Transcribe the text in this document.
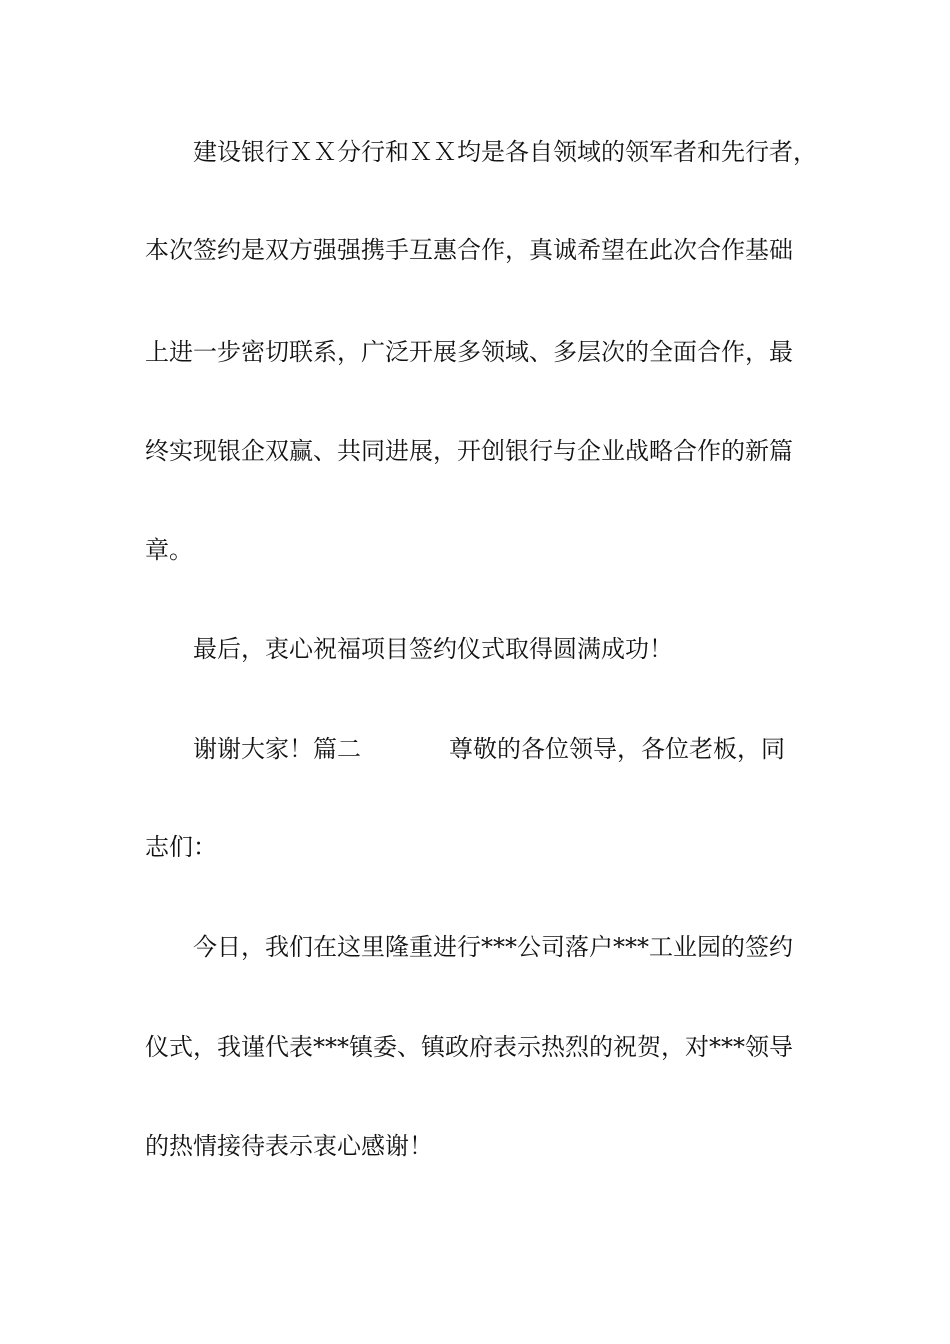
建设银行ＸＸ分行和ＸＸ均是各自领域的领军者和先行者，
本次签约是双方强强携手互惠合作，真诚希望在此次合作基础
上进一步密切联系，广泛开展多领域、多层次的全面合作，最
终实现银企双赢、共同进展，开创银行与企业战略合作的新篇
章。
最后，衷心祝福项目签约仪式取得圆满成功！
谢谢大家！篇二	尊敬的各位领导，各位老板，同
志们：
今日，我们在这里隆重进行***公司落户***工业园的签约
仪式，我谨代表***镇委、镇政府表示热烈的祝贺，对***领导
的热情接待表示衷心感谢！
